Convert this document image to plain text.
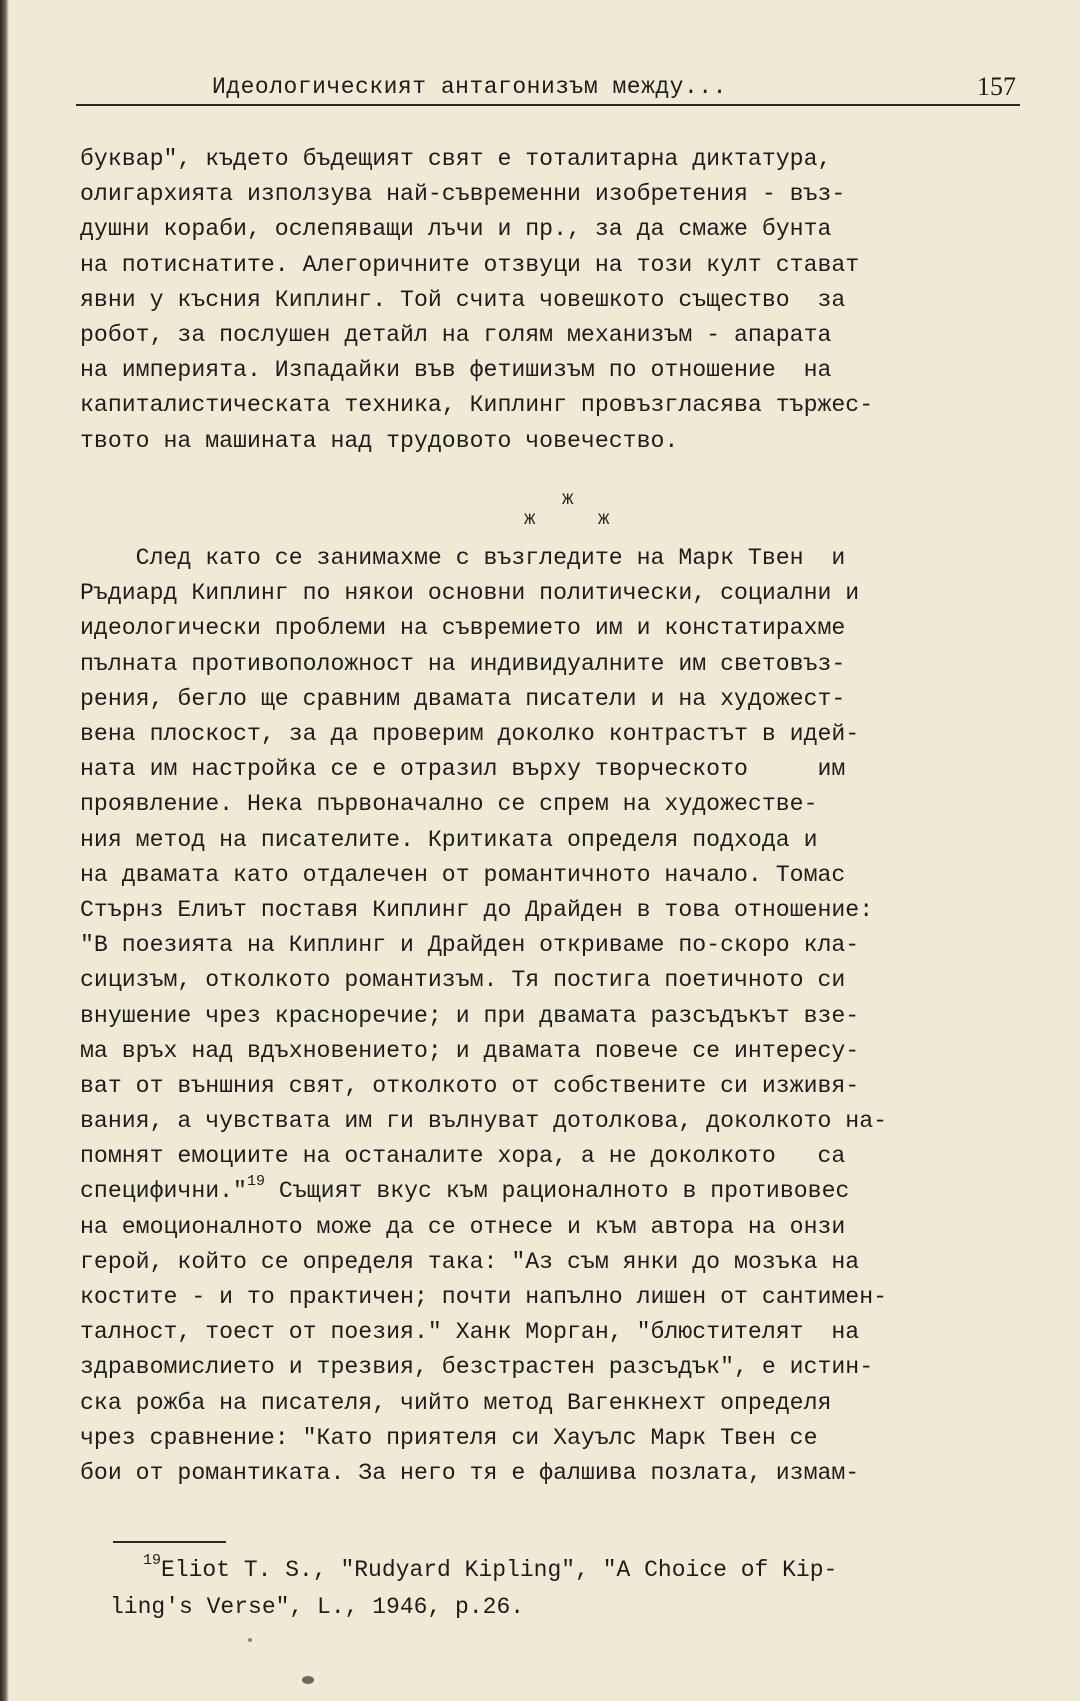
Идеологическият антагонизъм между...	157
буквар", където бъдещият свят е тоталитарна диктатура,
олигархията използува най-съвременни изобретения - въз-
душни кораби, ослепяващи лъчи и пр., за да смаже бунта
на потиснатите. Алегоричните отзвуци на този култ стават
явни у късния Киплинг. Той счита човешкото същество  за
робот, за послушен детайл на голям механизъм - апарата
на империята. Изпадайки във фетишизъм по отношение  на
капиталистическата техника, Киплинг провъзгласява тържес-
твото на машината над трудовото човечество.
След като се занимахме с възгледите на Марк Твен  и
Ръдиард Киплинг по някои основни политически, социални и
идеологически проблеми на съвремието им и констатирахме
пълната противоположност на индивидуалните им световъз-
рения, бегло ще сравним двамата писатели и на художест-
вена плоскост, за да проверим доколко контрастът в идей-
ната им настройка се е отразил върху творческото     им
проявление. Нека първоначално се спрем на художестве-
ния метод на писателите. Критиката определя подхода и
на двамата като отдалечен от романтичното начало. Томас
Стърнз Елиът поставя Киплинг до Драйден в това отношение:
"В поезията на Киплинг и Драйден откриваме по-скоро кла-
сицизъм, отколкото романтизъм. Тя постига поетичното си
внушение чрез красноречие; и при двамата разсъдъкът взе-
ма връх над вдъхновението; и двамата повече се интересу-
ват от външния свят, отколкото от собствените си изживя-
вания, а чувствата им ги вълнуват дотолкова, доколкото на-
помнят емоциите на останалите хора, а не доколкото   са
специфични."$^{19}$ Същият вкус към рационалното в противовес
на емоционалното може да се отнесе и към автора на онзи
герой, който се определя така: "Аз съм янки до мозъка на
костите - и то практичен; почти напълно лишен от сантимен-
талност, тоест от поезия." Ханк Морган, "блюстителят  на
здравомислието и трезвия, безстрастен разсъдък", е истин-
ска рожба на писателя, чийто метод Вагенкнехт определя
чрез сравнение: "Като приятеля си Хауълс Марк Твен се
бои от романтиката. За него тя е фалшива позлата, измам-
ж
ж	ж
$^{19}$Eliot T. S., "Rudyard Kipling", "A Choice of Kip-
ling's Verse", L., 1946, p.26.
